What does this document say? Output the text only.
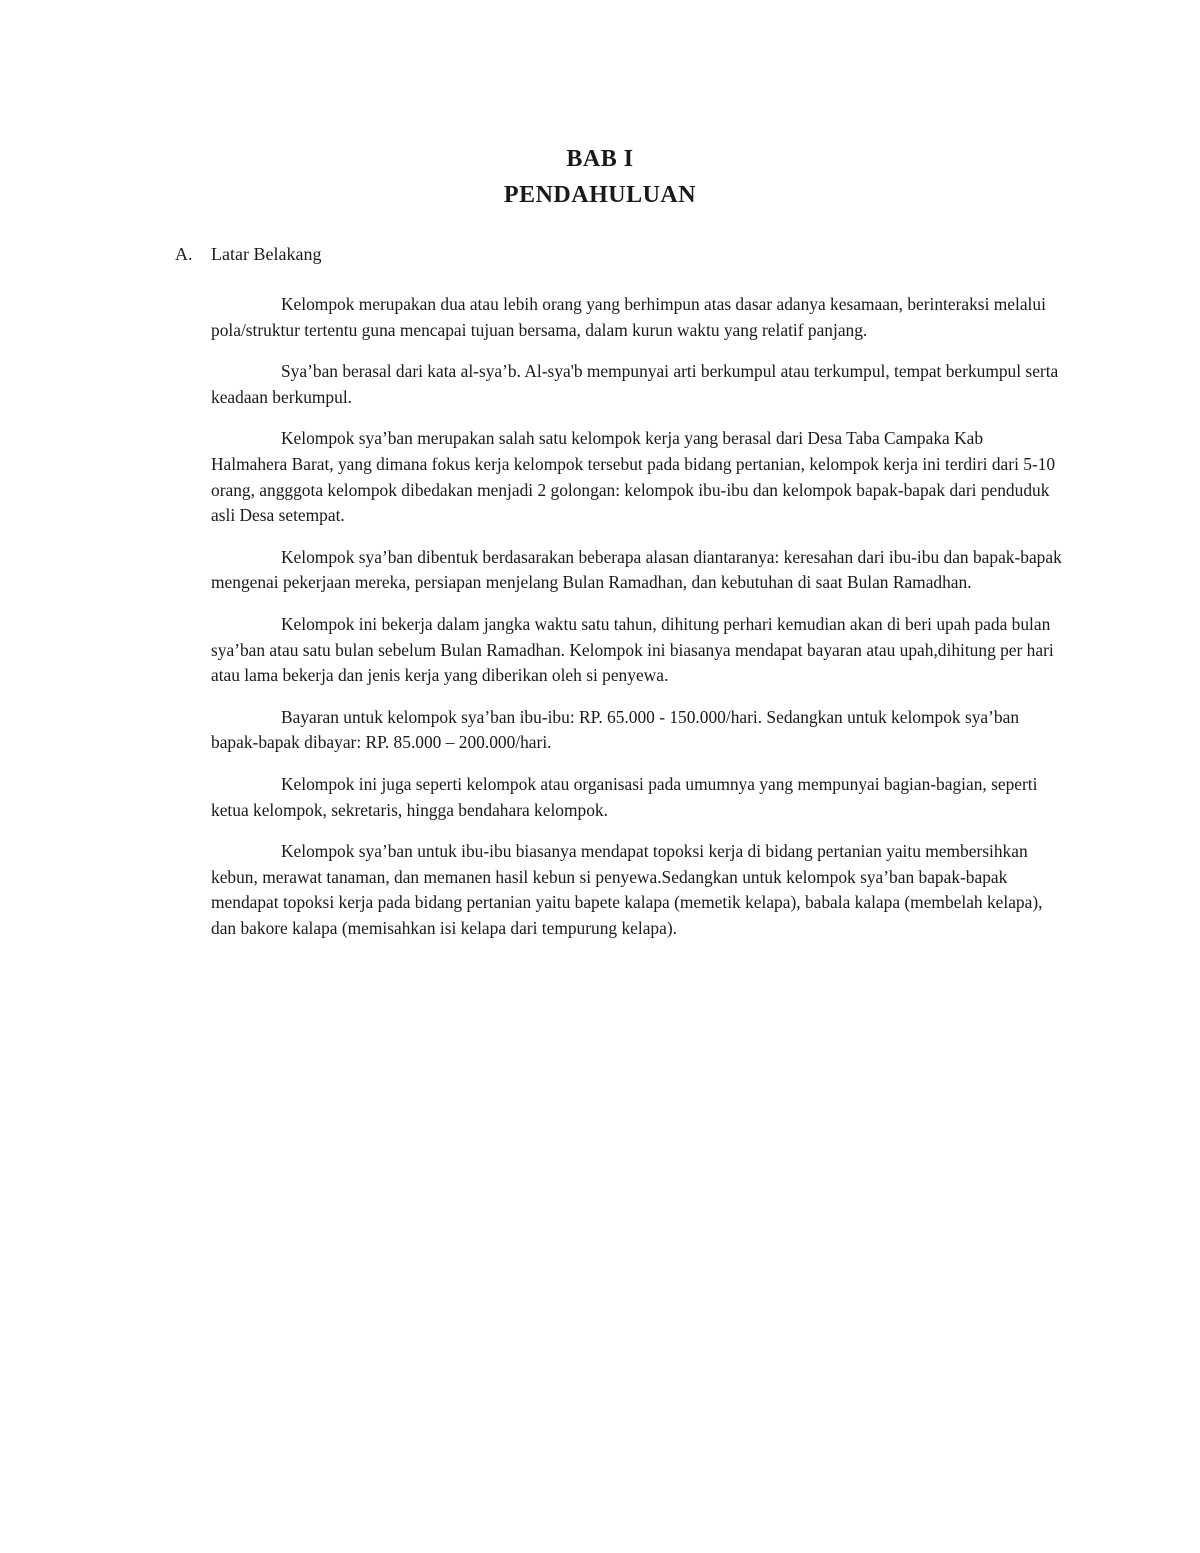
BAB I
PENDAHULUAN
A. Latar Belakang

Kelompok merupakan dua atau lebih orang yang berhimpun atas dasar adanya kesamaan, berinteraksi melalui pola/struktur tertentu guna mencapai tujuan bersama, dalam kurun waktu yang relatif panjang.

Sya’ban berasal dari kata al-sya’b. Al-sya'b mempunyai arti berkumpul atau terkumpul, tempat berkumpul serta keadaan berkumpul.

Kelompok sya’ban merupakan salah satu kelompok kerja yang berasal dari Desa Taba Campaka Kab Halmahera Barat, yang dimana fokus kerja kelompok tersebut pada bidang pertanian, kelompok kerja ini terdiri dari 5-10 orang, angggota kelompok dibedakan menjadi 2 golongan: kelompok ibu-ibu dan kelompok bapak-bapak dari penduduk asli Desa setempat.

Kelompok sya’ban dibentuk berdasarakan beberapa alasan diantaranya: keresahan dari ibu-ibu dan bapak-bapak mengenai pekerjaan mereka, persiapan menjelang Bulan Ramadhan, dan kebutuhan di saat Bulan Ramadhan.

Kelompok ini bekerja dalam jangka waktu satu tahun, dihitung perhari kemudian akan di beri upah pada bulan sya’ban atau satu bulan sebelum Bulan Ramadhan. Kelompok ini biasanya mendapat bayaran atau upah,dihitung per hari atau lama bekerja dan jenis kerja yang diberikan oleh si penyewa.

Bayaran untuk kelompok sya’ban ibu-ibu: RP. 65.000 - 150.000/hari. Sedangkan untuk kelompok sya’ban bapak-bapak dibayar: RP. 85.000 – 200.000/hari.

Kelompok ini juga seperti kelompok atau organisasi pada umumnya yang mempunyai bagian-bagian, seperti ketua kelompok, sekretaris, hingga bendahara kelompok.

Kelompok sya’ban untuk ibu-ibu biasanya mendapat topoksi kerja di bidang pertanian yaitu membersihkan kebun, merawat tanaman, dan memanen hasil kebun si penyewa.Sedangkan untuk kelompok sya’ban bapak-bapak mendapat topoksi kerja pada bidang pertanian yaitu bapete kalapa (memetik kelapa), babala kalapa (membelah kelapa), dan bakore kalapa (memisahkan isi kelapa dari tempurung kelapa).
